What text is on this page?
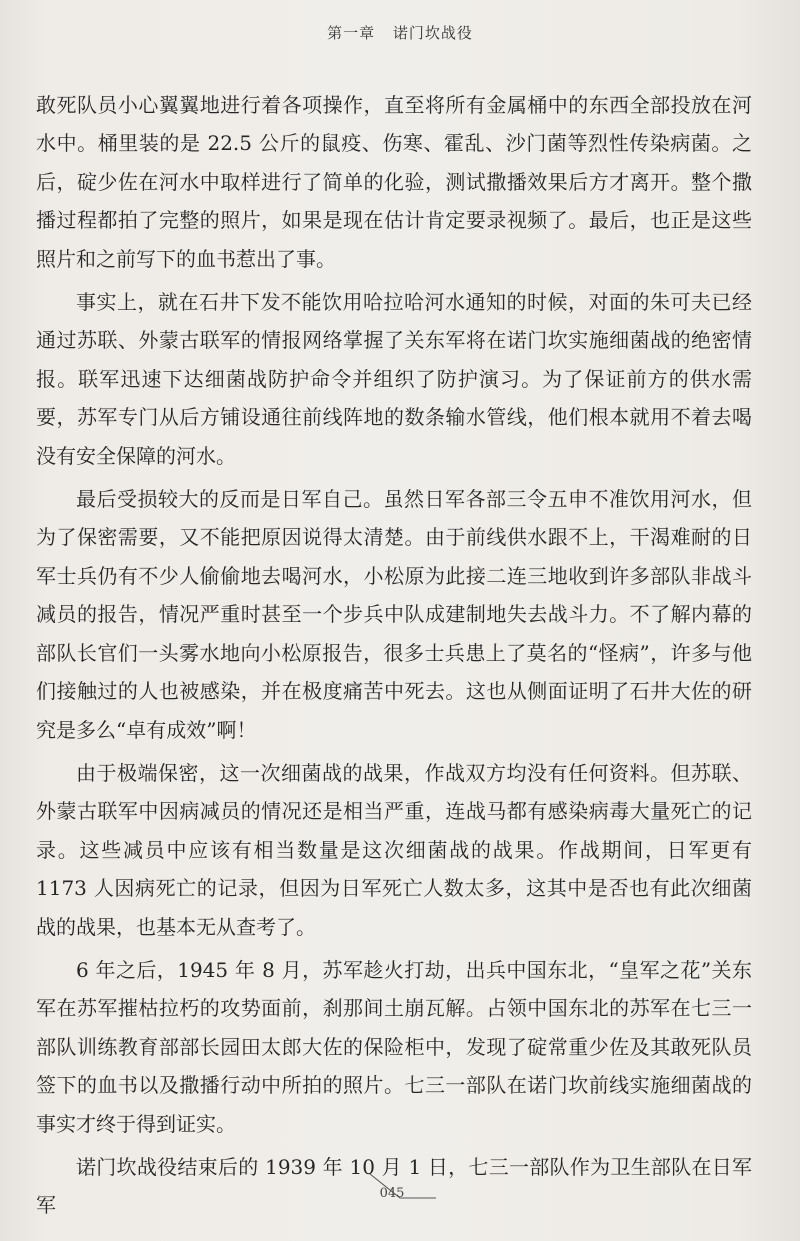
第一章 诺门坎战役

敢死队员小心翼翼地进行着各项操作，直至将所有金属桶中的东西全部投放在河水中。桶里装的是 22.5 公斤的鼠疫、伤寒、霍乱、沙门菌等烈性传染病菌。之后，碇少佐在河水中取样进行了简单的化验，测试撒播效果后方才离开。整个撒播过程都拍了完整的照片，如果是现在估计肯定要录视频了。最后，也正是这些照片和之前写下的血书惹出了事。

事实上，就在石井下发不能饮用哈拉哈河水通知的时候，对面的朱可夫已经通过苏联、外蒙古联军的情报网络掌握了关东军将在诺门坎实施细菌战的绝密情报。联军迅速下达细菌战防护命令并组织了防护演习。为了保证前方的供水需要，苏军专门从后方铺设通往前线阵地的数条输水管线，他们根本就用不着去喝没有安全保障的河水。

最后受损较大的反而是日军自己。虽然日军各部三令五申不准饮用河水，但为了保密需要，又不能把原因说得太清楚。由于前线供水跟不上，干渴难耐的日军士兵仍有不少人偷偷地去喝河水，小松原为此接二连三地收到许多部队非战斗减员的报告，情况严重时甚至一个步兵中队成建制地失去战斗力。不了解内幕的部队长官们一头雾水地向小松原报告，很多士兵患上了莫名的“怪病”，许多与他们接触过的人也被感染，并在极度痛苦中死去。这也从侧面证明了石井大佐的研究是多么“卓有成效”啊！

由于极端保密，这一次细菌战的战果，作战双方均没有任何资料。但苏联、外蒙古联军中因病减员的情况还是相当严重，连战马都有感染病毒大量死亡的记录。这些减员中应该有相当数量是这次细菌战的战果。作战期间，日军更有 1173 人因病死亡的记录，但因为日军死亡人数太多，这其中是否也有此次细菌战的战果，也基本无从查考了。

6 年之后，1945 年 8 月，苏军趁火打劫，出兵中国东北，“皇军之花”关东军在苏军摧枯拉朽的攻势面前，刹那间土崩瓦解。占领中国东北的苏军在七三一部队训练教育部部长园田太郎大佐的保险柜中，发现了碇常重少佐及其敢死队员签下的血书以及撒播行动中所拍的照片。七三一部队在诺门坎前线实施细菌战的事实才终于得到证实。

诺门坎战役结束后的 1939 年 10 月 1 日，七三一部队作为卫生部队在日军军	045
